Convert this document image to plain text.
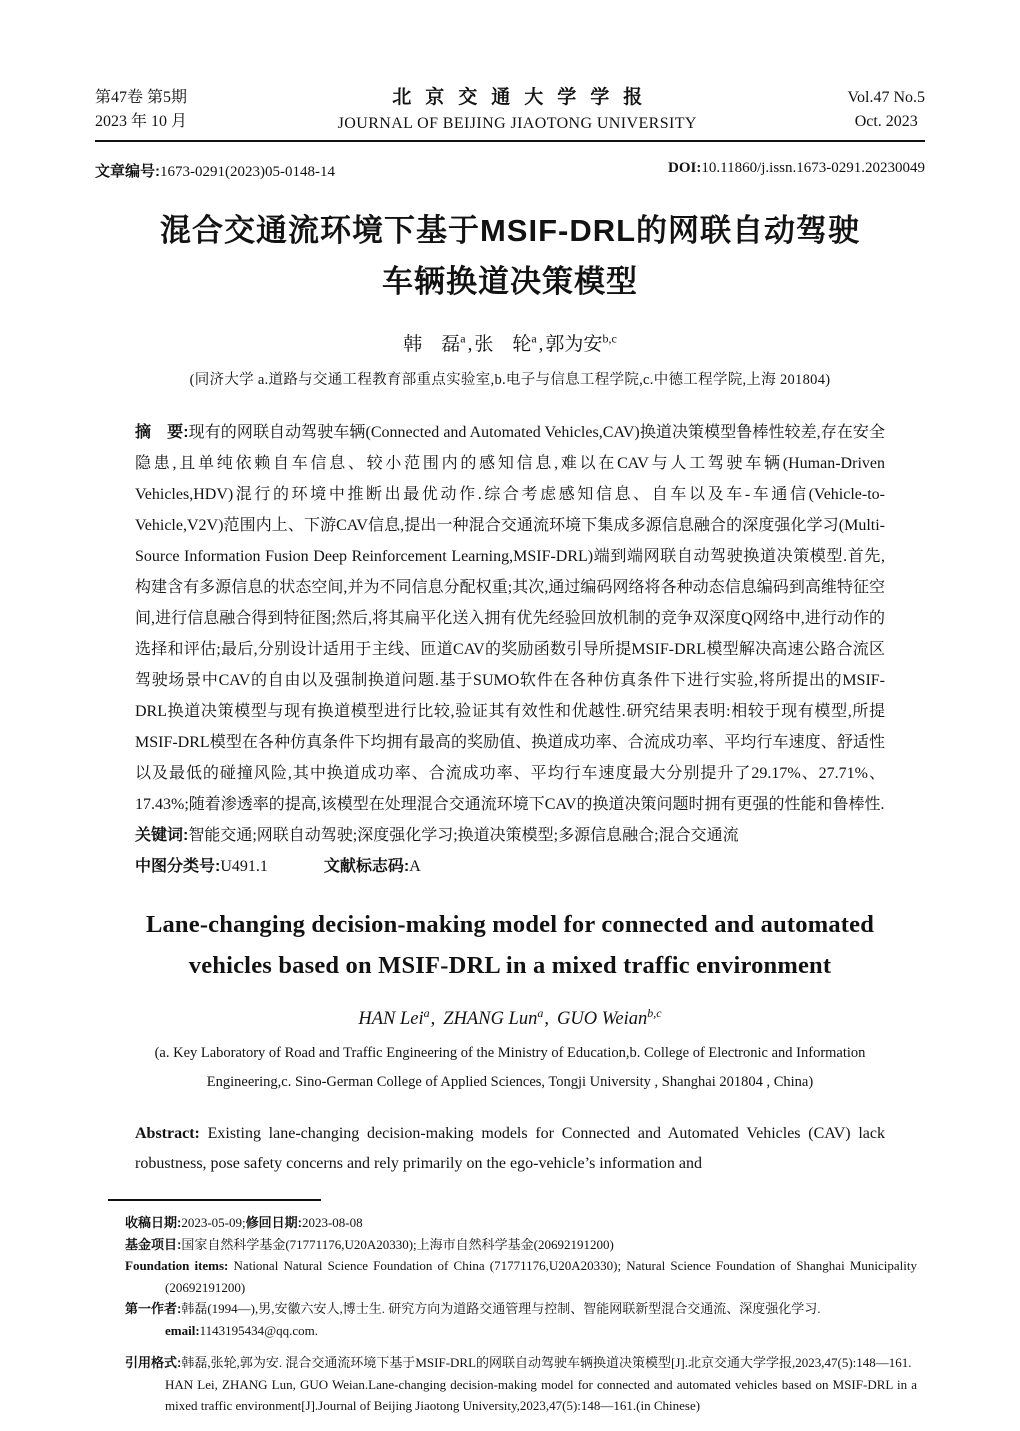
第47卷 第5期
2023 年 10 月
北京交通大学学报
JOURNAL OF BEIJING JIAOTONG UNIVERSITY
Vol.47 No.5
Oct. 2023
文章编号:1673-0291(2023)05-0148-14	DOI:10.11860/j.issn.1673-0291.20230049
混合交通流环境下基于MSIF-DRL的网联自动驾驶
车辆换道决策模型
韩　磊$^a$ , 张　轮$^a$ , 郭为安$^{b,c}$
(同济大学 a.道路与交通工程教育部重点实验室,b.电子与信息工程学院,c.中德工程学院,上海 201804)

摘　要:现有的网联自动驾驶车辆(Connected and Automated Vehicles,CAV)换道决策模型鲁棒性较差,存在安全隐患,且单纯依赖自车信息、较小范围内的感知信息,难以在CAV与人工驾驶车辆(Human-Driven Vehicles,HDV)混行的环境中推断出最优动作.综合考虑感知信息、自车以及车-车通信(Vehicle-to-Vehicle,V2V)范围内上、下游CAV信息,提出一种混合交通流环境下集成多源信息融合的深度强化学习(Multi-Source Information Fusion Deep Reinforcement Learning,MSIF-DRL)端到端网联自动驾驶换道决策模型.首先,构建含有多源信息的状态空间,并为不同信息分配权重;其次,通过编码网络将各种动态信息编码到高维特征空间,进行信息融合得到特征图;然后,将其扁平化送入拥有优先经验回放机制的竞争双深度Q网络中,进行动作的选择和评估;最后,分别设计适用于主线、匝道CAV的奖励函数引导所提MSIF-DRL模型解决高速公路合流区驾驶场景中CAV的自由以及强制换道问题.基于SUMO软件在各种仿真条件下进行实验,将所提出的MSIF-DRL换道决策模型与现有换道模型进行比较,验证其有效性和优越性.研究结果表明:相较于现有模型,所提MSIF-DRL模型在各种仿真条件下均拥有最高的奖励值、换道成功率、合流成功率、平均行车速度、舒适性以及最低的碰撞风险,其中换道成功率、合流成功率、平均行车速度最大分别提升了29.17%、27.71%、17.43%;随着渗透率的提高,该模型在处理混合交通流环境下CAV的换道决策问题时拥有更强的性能和鲁棒性.

关键词:智能交通;网联自动驾驶;深度强化学习;换道决策模型;多源信息融合;混合交通流

中图分类号:U491.1	文献标志码:A

Lane-changing decision-making model for connected and automated
vehicles based on MSIF-DRL in a mixed traffic environment
HAN Lei$^a$, ZHANG Lun$^a$, GUO Weian$^{b,c}$
(a. Key Laboratory of Road and Traffic Engineering of the Ministry of Education,b. College of Electronic and Information Engineering,c. Sino-German College of Applied Sciences, Tongji University , Shanghai 201804 , China)

Abstract: Existing lane-changing decision-making models for Connected and Automated Vehicles (CAV) lack robustness, pose safety concerns and rely primarily on the ego-vehicle’s information and

收稿日期:2023-05-09;修回日期:2023-08-08
基金项目:国家自然科学基金(71771176,U20A20330);上海市自然科学基金(20692191200)
Foundation items: National Natural Science Foundation of China (71771176,U20A20330); Natural Science Foundation of Shanghai Municipality (20692191200)
第一作者:韩磊(1994—),男,安徽六安人,博士生. 研究方向为道路交通管理与控制、智能网联新型混合交通流、深度强化学习.
email:1143195434@qq.com.
引用格式:韩磊,张轮,郭为安. 混合交通流环境下基于MSIF-DRL的网联自动驾驶车辆换道决策模型[J].北京交通大学学报,2023,47(5):148—161.
HAN Lei, ZHANG Lun, GUO Weian.Lane-changing decision-making model for connected and automated vehicles based on MSIF-DRL in a mixed traffic environment[J].Journal of Beijing Jiaotong University,2023,47(5):148—161.(in Chinese)
